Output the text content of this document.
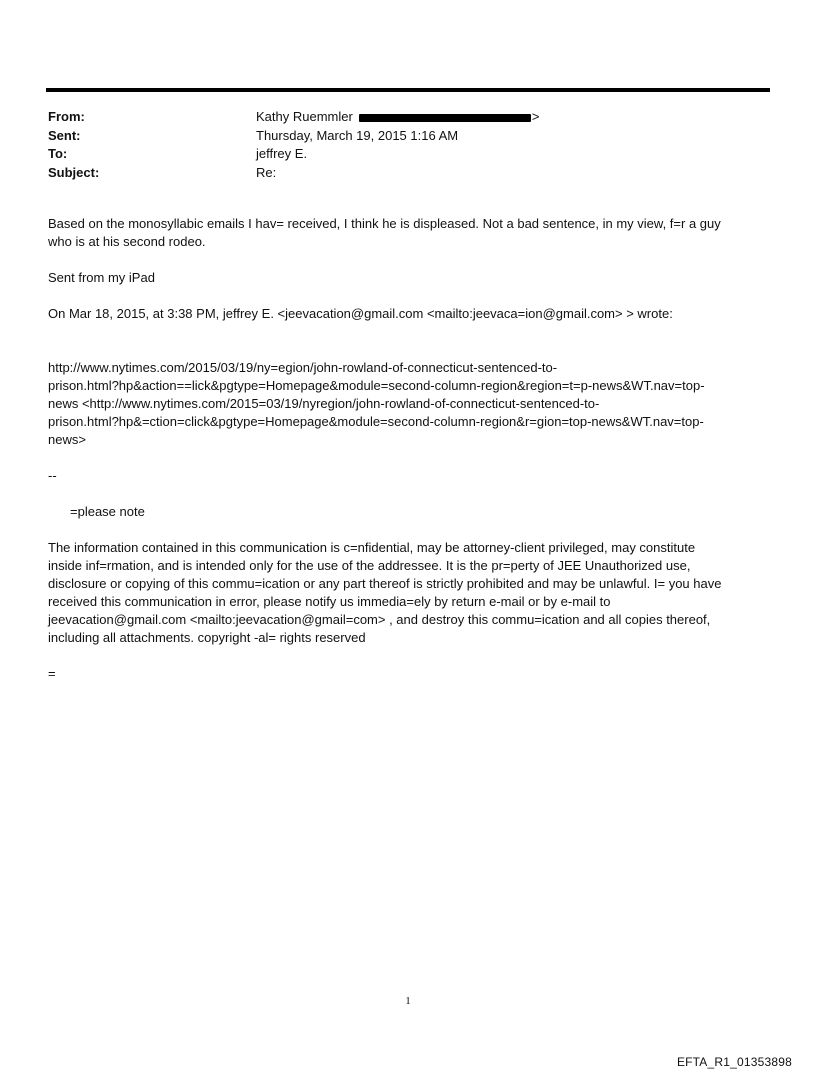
From:	Kathy Ruemmler	>
Sent:	Thursday, March 19, 2015 1:16 AM
To:	jeffrey E.
Subject:	Re:

Based on the monosyllabic emails I hav= received, I think he is displeased. Not a bad sentence, in my view, f=r a guy

who is at his second rodeo.

Sent from my iPad

On Mar 18, 2015, at 3:38 PM, jeffrey E. <jeevacation@gmail.com <mailto:jeevaca=ion@gmail.com> > wrote:

http://www.nytimes.com/2015/03/19/ny=egion/john-rowland-of-connecticut-sentenced-to-

prison.html?hp&action==lick&pgtype=Homepage&module=second-column-region&region=t=p-news&WT.nav=top-

news <http://www.nytimes.com/2015=03/19/nyregion/john-rowland-of-connecticut-sentenced-to-

prison.html?hp&=ction=click&pgtype=Homepage&module=second-column-region&r=gion=top-news&WT.nav=top-

news>

--

=please note

The information contained in this communication is c=nfidential, may be attorney-client privileged, may constitute

inside inf=rmation, and is intended only for the use of the addressee. It is the pr=perty of JEE Unauthorized use,

disclosure or copying of this commu=ication or any part thereof is strictly prohibited and may be unlawful. I= you have

received this communication in error, please notify us immedia=ely by return e-mail or by e-mail to

jeevacation@gmail.com <mailto:jeevacation@gmail=com> , and destroy this commu=ication and all copies thereof,

including all attachments. copyright -al= rights reserved

=

1
EFTA_R1_01353898
